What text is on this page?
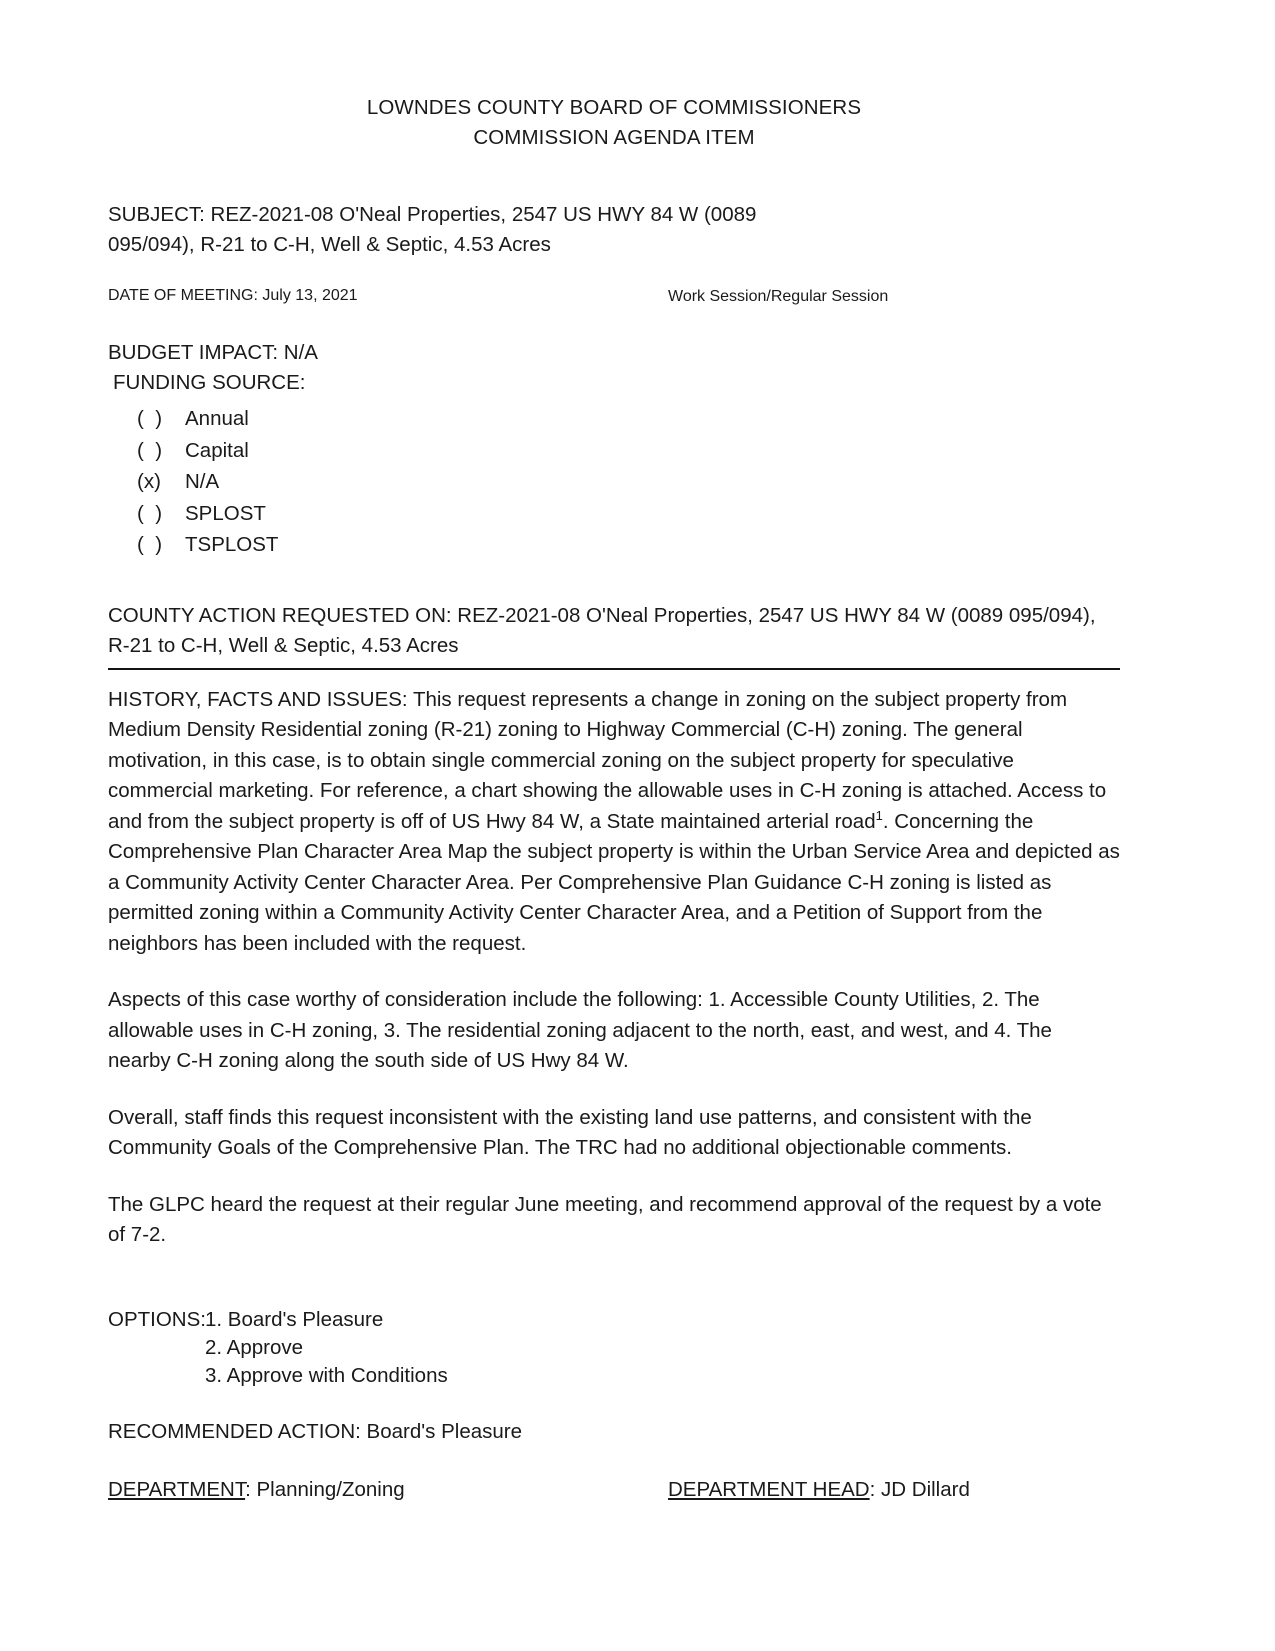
LOWNDES COUNTY BOARD OF COMMISSIONERS
COMMISSION AGENDA ITEM
SUBJECT: REZ-2021-08 O'Neal Properties, 2547 US HWY 84 W (0089
095/094), R-21 to C-H, Well & Septic, 4.53 Acres
DATE OF MEETING: July 13, 2021	Work Session/Regular Session
BUDGET IMPACT: N/A
FUNDING SOURCE:
(  )	Annual
(  )	Capital
(x)	N/A
(  )	SPLOST
(  )	TSPLOST
COUNTY ACTION REQUESTED ON: REZ-2021-08 O'Neal Properties, 2547 US HWY 84 W (0089 095/094), R-21 to C-H, Well & Septic, 4.53 Acres

HISTORY, FACTS AND ISSUES: This request represents a change in zoning on the subject property from Medium Density Residential zoning (R-21) zoning to Highway Commercial (C-H) zoning. The general motivation, in this case, is to obtain single commercial zoning on the subject property for speculative commercial marketing. For reference, a chart showing the allowable uses in C-H zoning is attached. Access to and from the subject property is off of US Hwy 84 W, a State maintained arterial road$^1$. Concerning the Comprehensive Plan Character Area Map the subject property is within the Urban Service Area and depicted as a Community Activity Center Character Area. Per Comprehensive Plan Guidance C-H zoning is listed as permitted zoning within a Community Activity Center Character Area, and a Petition of Support from the neighbors has been included with the request.

Aspects of this case worthy of consideration include the following: 1. Accessible County Utilities, 2. The allowable uses in C-H zoning, 3. The residential zoning adjacent to the north, east, and west, and 4. The nearby C-H zoning along the south side of US Hwy 84 W.

Overall, staff finds this request inconsistent with the existing land use patterns, and consistent with the Community Goals of the Comprehensive Plan. The TRC had no additional objectionable comments.

The GLPC heard the request at their regular June meeting, and recommend approval of the request by a vote of 7-2.

OPTIONS: 1. Board's Pleasure
2. Approve
3. Approve with Conditions
RECOMMENDED ACTION: Board's Pleasure
DEPARTMENT: Planning/Zoning	DEPARTMENT HEAD: JD Dillard
